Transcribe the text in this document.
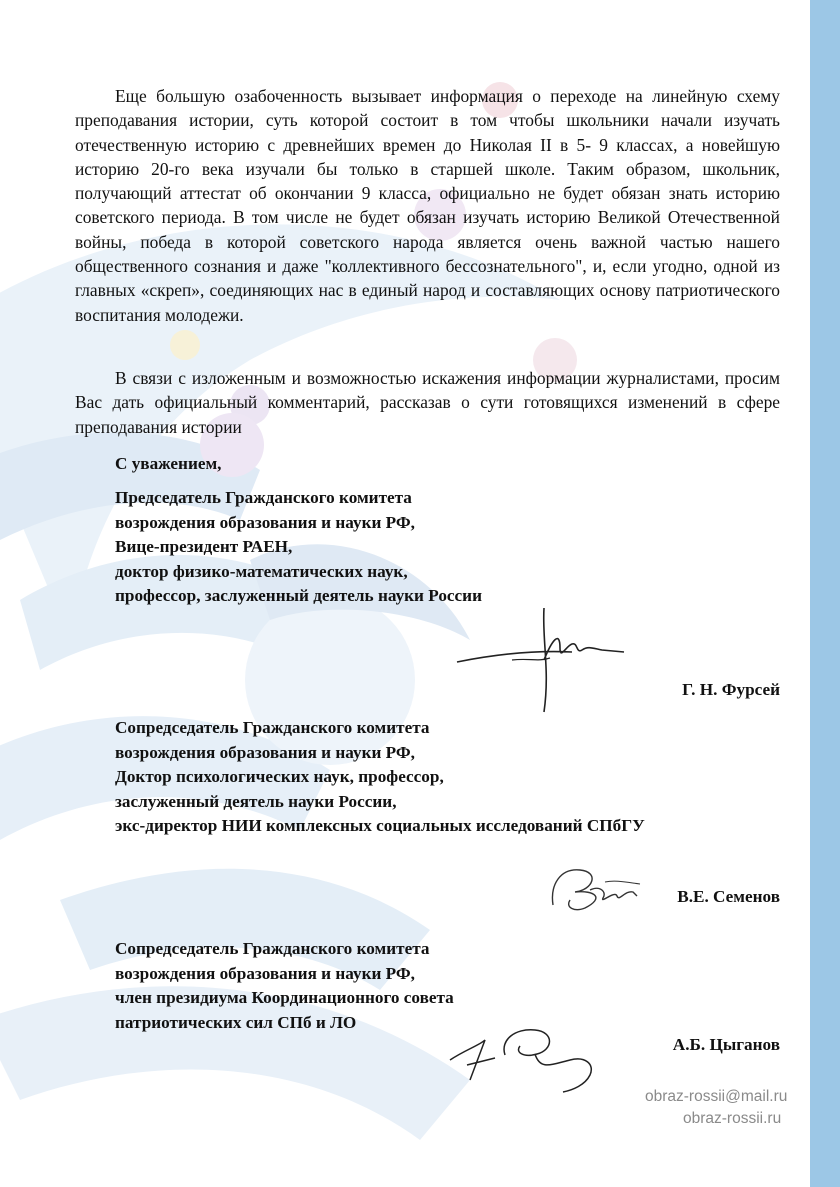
Еще большую озабоченность вызывает информация о переходе на линейную схему преподавания истории, суть которой состоит в том чтобы школьники начали изучать отечественную историю с древнейших времен до Николая II в 5- 9 классах, а новейшую историю 20-го века изучали бы только в старшей школе. Таким образом, школьник, получающий аттестат об окончании 9 класса, официально не будет обязан знать историю советского периода. В том числе не будет обязан изучать историю Великой Отечественной войны, победа в которой советского народа является очень важной частью нашего общественного сознания и даже "коллективного бессознательного", и, если угодно, одной из главных «скреп», соединяющих нас в единый народ и составляющих основу патриотического воспитания молодежи.

В связи с изложенным и возможностью искажения информации журналистами, просим Вас дать официальный комментарий, рассказав о сути готовящихся изменений в сфере преподавания истории

С уважением,
Председатель Гражданского комитета
возрождения образования и науки РФ,
Вице-президент РАЕН,
доктор физико-математических наук,
профессор, заслуженный деятель науки России
Г. Н. Фурсей
Сопредседатель Гражданского комитета
возрождения образования и науки РФ,
Доктор психологических наук, профессор,
заслуженный деятель науки России,
экс-директор НИИ комплексных социальных исследований СПбГУ
В.Е. Семенов
Сопредседатель Гражданского комитета
возрождения образования и науки РФ,
член президиума Координационного совета
патриотических сил СПб и ЛО
А.Б. Цыганов
obraz-rossii@mail.ru
obraz-rossii.ru
